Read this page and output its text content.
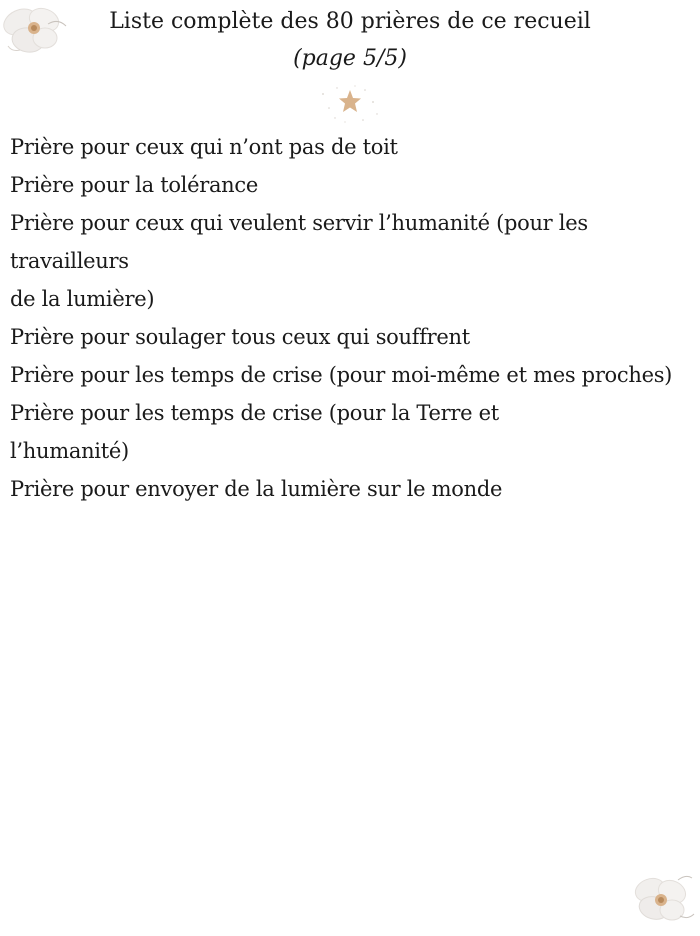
Liste complète des 80 prières de ce recueil

(page 5/5)

Prière pour ceux qui n’ont pas de toit
Prière pour la tolérance
Prière pour ceux qui veulent servir l’humanité (pour les
travailleurs
de la lumière)
Prière pour soulager tous ceux qui souffrent
Prière pour les temps de crise (pour moi-même et mes proches)
Prière pour les temps de crise (pour la Terre et
l’humanité)
Prière pour envoyer de la lumière sur le monde
